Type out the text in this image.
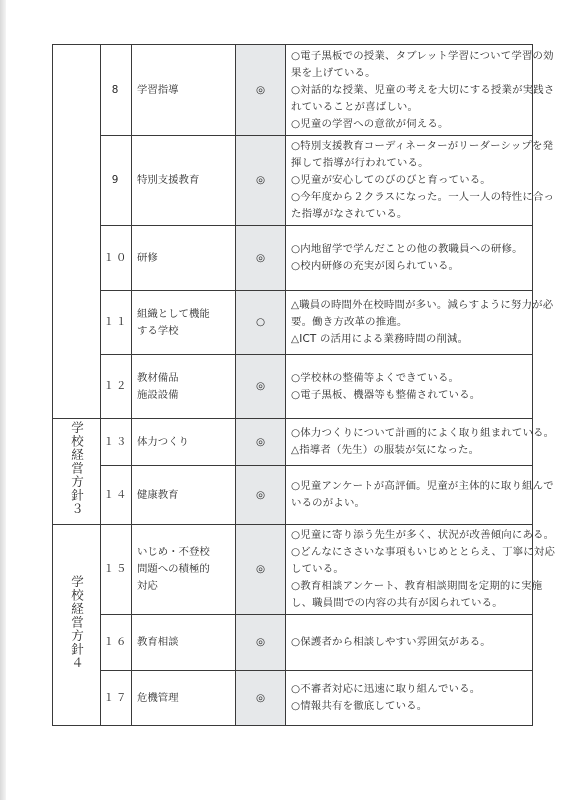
	8	学習指導	◎	○電子黒板での授業、タブレット学習について学習の効
果を上げている。
○対話的な授業、児童の考えを大切にする授業が実践さ
れていることが喜ばしい。
○児童の学習への意欲が伺える。

	9	特別支援教育	◎	○特別支援教育コーディネーターがリーダーシップを発
揮して指導が行われている。
○児童が安心してのびのびと育っている。
○今年度から２クラスになった。一人一人の特性に合っ
た指導がなされている。

	１０	研修	◎	○内地留学で学んだことの他の教職員への研修。
○校内研修の充実が図られている。

	１１	組織として機能
する学校	○	△職員の時間外在校時間が多い。減らすように努力が必
要。働き方改革の推進。
△ICT の活用による業務時間の削減。

	１２	教材備品
施設設備	◎	○学校林の整備等よくできている。
○電子黒板、機器等も整備されている。

学校経営方針３	１３	体力つくり	◎	○体力つくりについて計画的によく取り組まれている。
△指導者（先生）の服装が気になった。

	１４	健康教育	◎	○児童アンケートが高評価。児童が主体的に取り組んで
いるのがよい。

学校経営方針４	１５	いじめ・不登校
問題への積極的
対応	◎	○児童に寄り添う先生が多く、状況が改善傾向にある。
○どんなにささいな事項もいじめととらえ、丁寧に対応
している。
○教育相談アンケート、教育相談期間を定期的に実施
し、職員間での内容の共有が図られている。

	１６	教育相談	◎	○保護者から相談しやすい雰囲気がある。

	１７	危機管理	◎	○不審者対応に迅速に取り組んでいる。
○情報共有を徹底している。
